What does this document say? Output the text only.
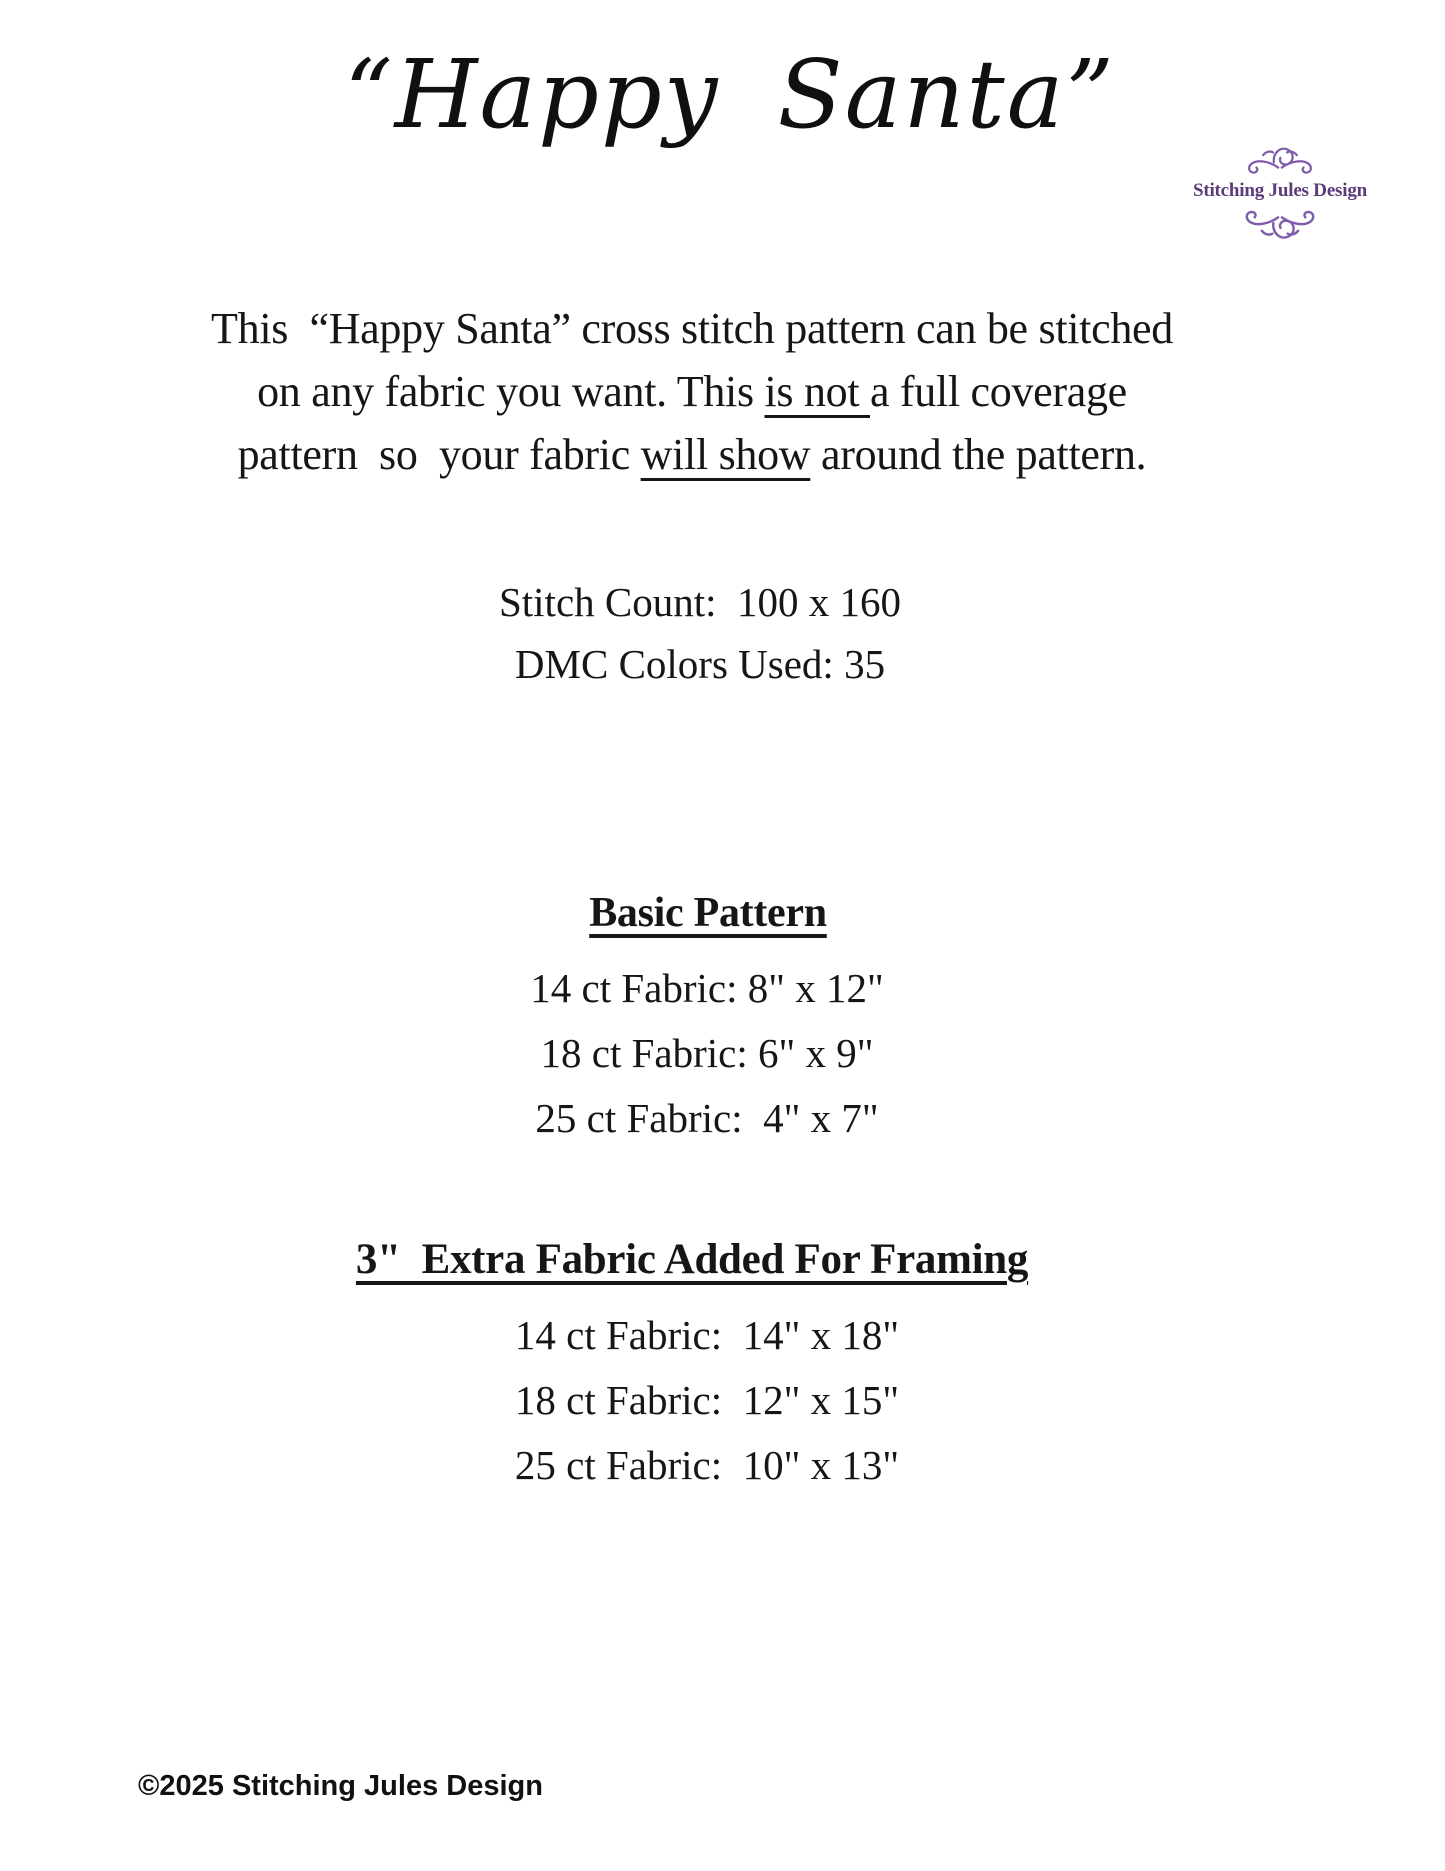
“Happy Santa”
Stitching Jules Design

This  “Happy Santa” cross stitch pattern can be stitched
on any fabric you want. This is not a full coverage
pattern  so  your fabric will show around the pattern.

Stitch Count:  100 x 160
DMC Colors Used: 35
Basic Pattern
14 ct Fabric: 8" x 12"
18 ct Fabric: 6" x 9"
25 ct Fabric:  4" x 7"
3"  Extra Fabric Added For Framing
14 ct Fabric:  14" x 18"
18 ct Fabric:  12" x 15"
25 ct Fabric:  10" x 13"
©2025 Stitching Jules Design
